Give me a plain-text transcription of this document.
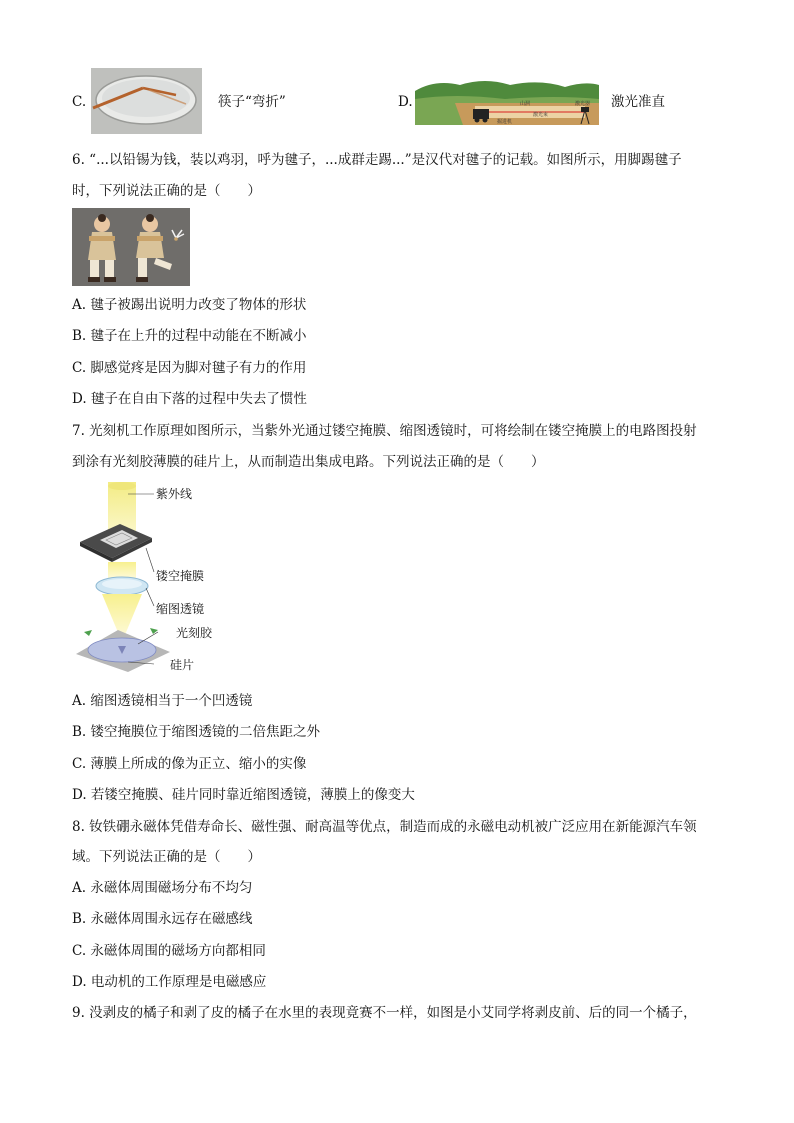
C.	筷子“弯折”	D.	山洞
激光束
掘进机
激光器 激光准直
6. “...以铅锡为钱，装以鸡羽，呼为毽子，...成群走踢...”是汉代对毽子的记载。如图所示，用脚踢毽子
时，下列说法正确的是（　　）
A. 毽子被踢出说明力改变了物体的形状
B. 毽子在上升的过程中动能在不断减小
C. 脚感觉疼是因为脚对毽子有力的作用
D. 毽子在自由下落的过程中失去了惯性
7. 光刻机工作原理如图所示，当紫外光通过镂空掩膜、缩图透镜时，可将绘制在镂空掩膜上的电路图投射
到涂有光刻胶薄膜的硅片上，从而制造出集成电路。下列说法正确的是（　　）
紫外线
镂空掩膜
缩图透镜
光刻胶
硅片
A. 缩图透镜相当于一个凹透镜
B. 镂空掩膜位于缩图透镜的二倍焦距之外
C. 薄膜上所成的像为正立、缩小的实像
D. 若镂空掩膜、硅片同时靠近缩图透镜，薄膜上的像变大
8. 钕铁硼永磁体凭借寿命长、磁性强、耐高温等优点，制造而成的永磁电动机被广泛应用在新能源汽车领
域。下列说法正确的是（　　）
A. 永磁体周围磁场分布不均匀
B. 永磁体周围永远存在磁感线
C. 永磁体周围的磁场方向都相同
D. 电动机的工作原理是电磁感应
9. 没剥皮的橘子和剥了皮的橘子在水里的表现竟赛不一样，如图是小艾同学将剥皮前、后的同一个橘子，
